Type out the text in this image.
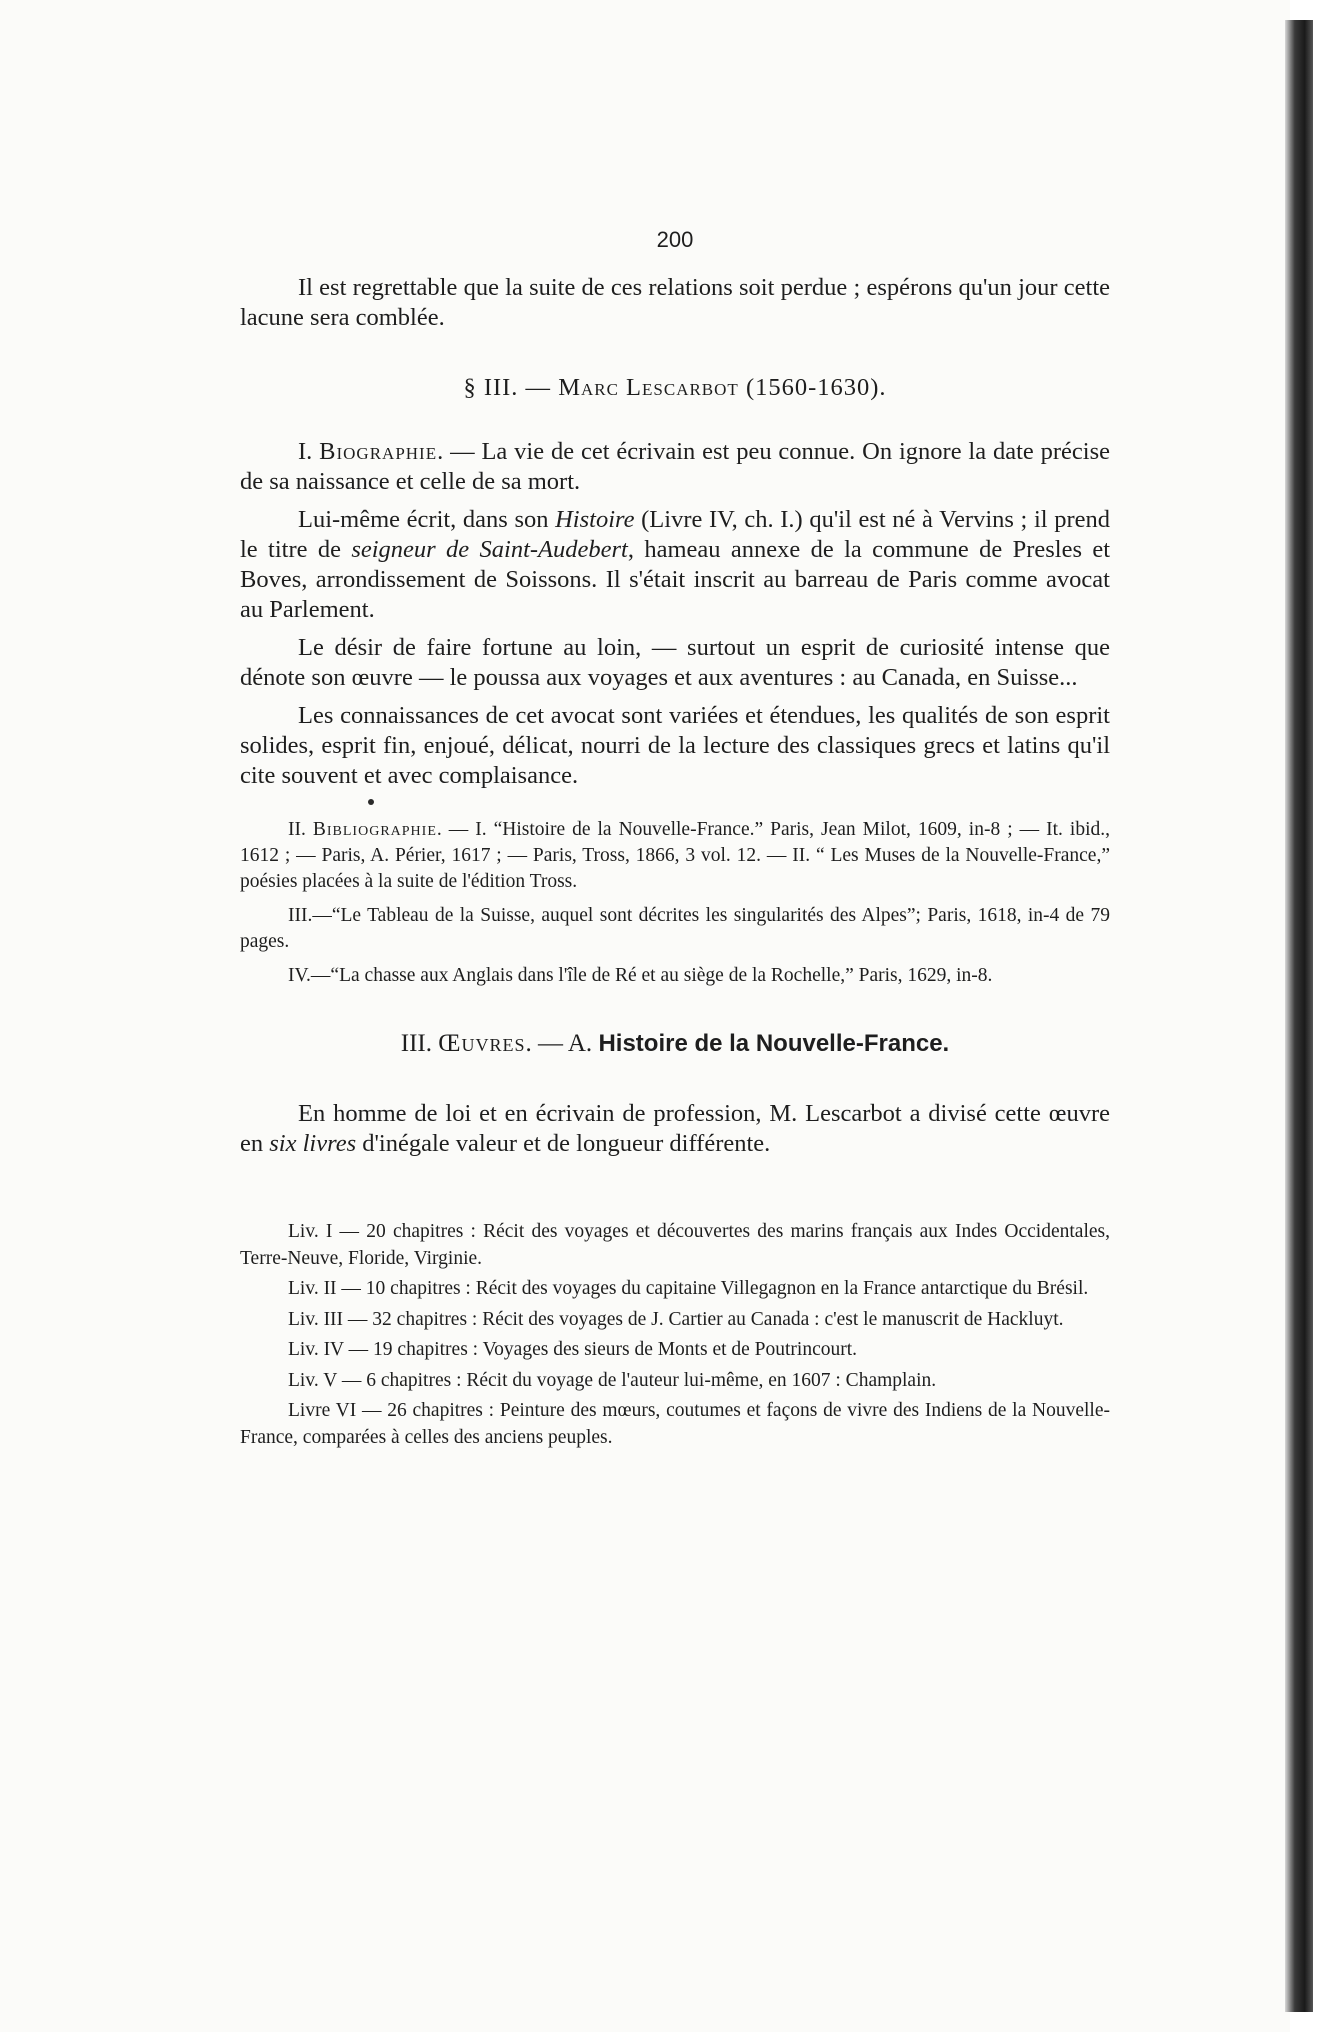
200

Il est regrettable que la suite de ces relations soit perdue ; espérons qu'un jour cette lacune sera comblée.

§ III. — Marc Lescarbot (1560-1630).

I. Biographie. — La vie de cet écrivain est peu connue. On ignore la date précise de sa naissance et celle de sa mort.

Lui-même écrit, dans son Histoire (Livre IV, ch. I.) qu'il est né à Vervins ; il prend le titre de seigneur de Saint-Audebert, hameau annexe de la commune de Presles et Boves, arrondissement de Soissons. Il s'était inscrit au barreau de Paris comme avocat au Parlement.

Le désir de faire fortune au loin, — surtout un esprit de curiosité intense que dénote son œuvre — le poussa aux voyages et aux aventures : au Canada, en Suisse...

Les connaissances de cet avocat sont variées et étendues, les qualités de son esprit solides, esprit fin, enjoué, délicat, nourri de la lecture des classiques grecs et latins qu'il cite souvent et avec complaisance.

II. Bibliographie. — I. “Histoire de la Nouvelle-France.” Paris, Jean Milot, 1609, in-8 ; — It. ibid., 1612 ; — Paris, A. Périer, 1617 ; — Paris, Tross, 1866, 3 vol. 12. — II. “ Les Muses de la Nouvelle-France,” poésies placées à la suite de l'édition Tross.

III.—“Le Tableau de la Suisse, auquel sont décrites les singularités des Alpes”; Paris, 1618, in-4 de 79 pages.

IV.—“La chasse aux Anglais dans l'île de Ré et au siège de la Rochelle,” Paris, 1629, in-8.

III. Œuvres. — A. Histoire de la Nouvelle-France.

En homme de loi et en écrivain de profession, M. Lescarbot a divisé cette œuvre en six livres d'inégale valeur et de longueur différente.

Liv. I — 20 chapitres : Récit des voyages et découvertes des marins français aux Indes Occidentales, Terre-Neuve, Floride, Virginie.

Liv. II — 10 chapitres : Récit des voyages du capitaine Villegagnon en la France antarctique du Brésil.

Liv. III — 32 chapitres : Récit des voyages de J. Cartier au Canada : c'est le manuscrit de Hackluyt.

Liv. IV — 19 chapitres : Voyages des sieurs de Monts et de Poutrincourt.

Liv. V — 6 chapitres : Récit du voyage de l'auteur lui-même, en 1607 : Champlain.

Livre VI — 26 chapitres : Peinture des mœurs, coutumes et façons de vivre des Indiens de la Nouvelle-France, comparées à celles des anciens peuples.
